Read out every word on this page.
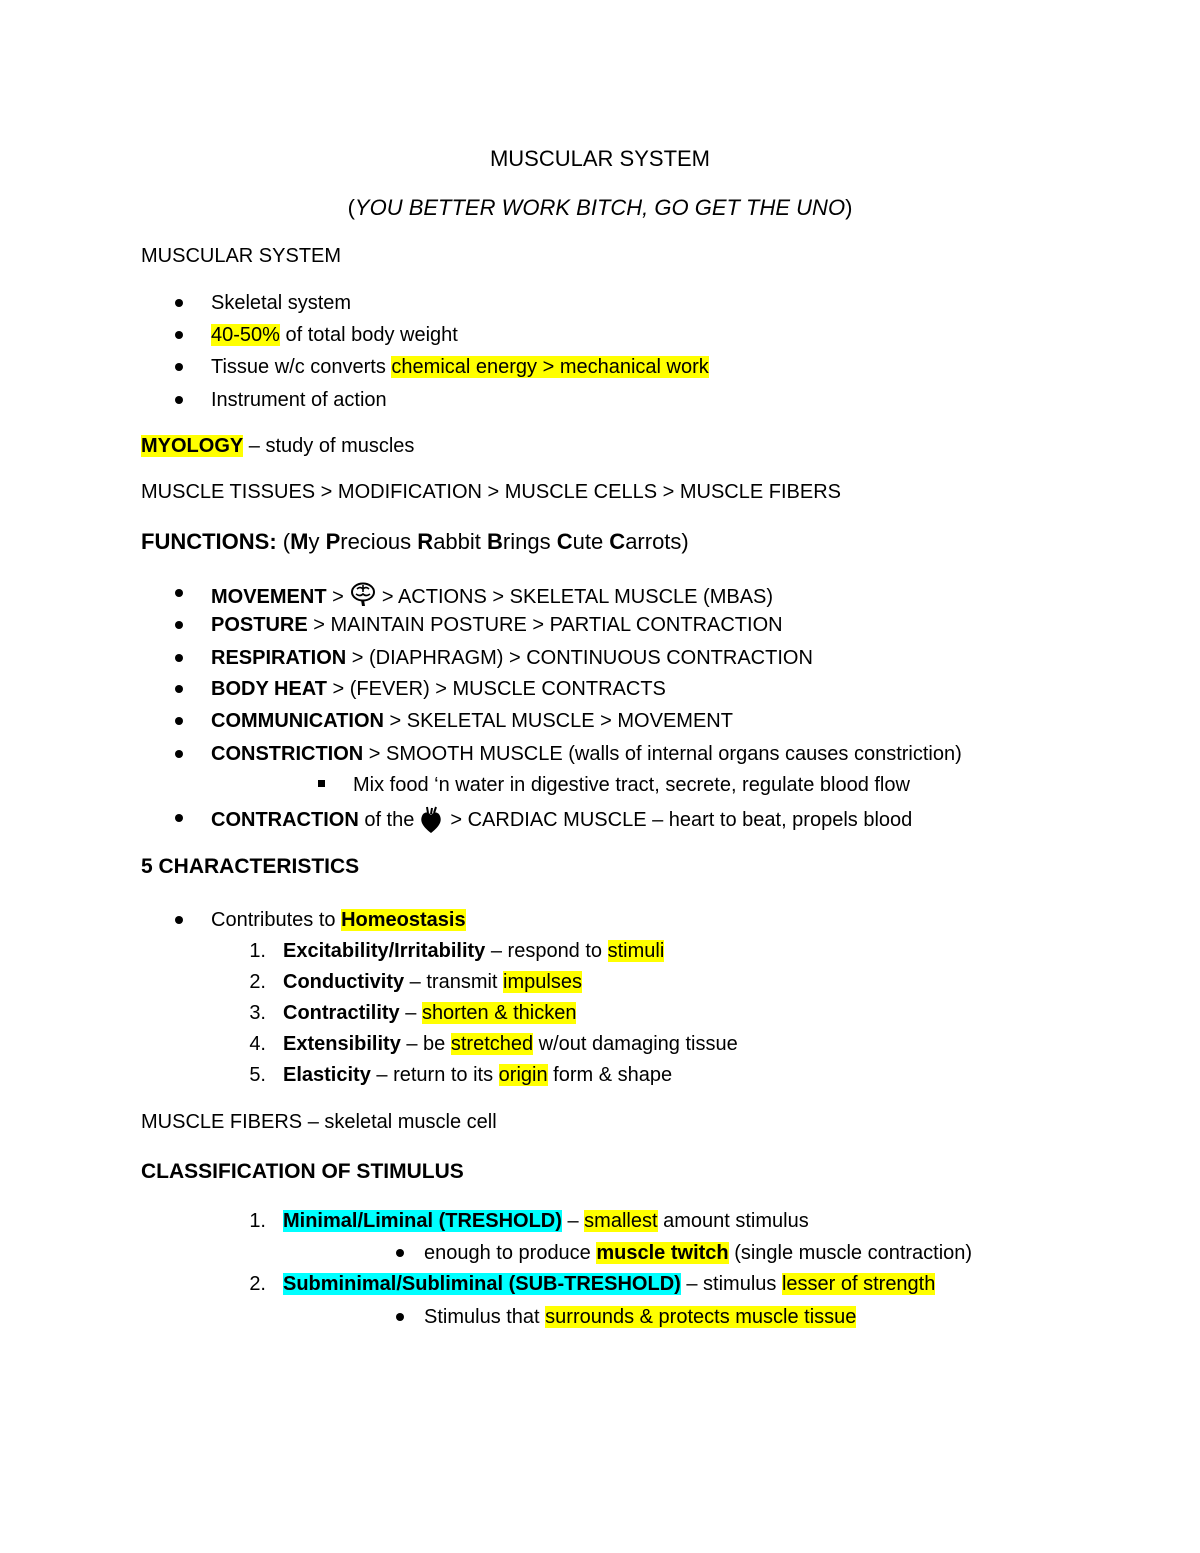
MUSCULAR SYSTEM
(YOU BETTER WORK BITCH, GO GET THE UNO)
MUSCULAR SYSTEM
Skeletal system
40-50% of total body weight
Tissue w/c converts chemical energy > mechanical work
Instrument of action
MYOLOGY – study of muscles
MUSCLE TISSUES > MODIFICATION > MUSCLE CELLS > MUSCLE FIBERS
FUNCTIONS: (My Precious Rabbit Brings Cute Carrots)
MOVEMENT > > ACTIONS > SKELETAL MUSCLE (MBAS)
POSTURE > MAINTAIN POSTURE > PARTIAL CONTRACTION
RESPIRATION > (DIAPHRAGM) > CONTINUOUS CONTRACTION
BODY HEAT > (FEVER) > MUSCLE CONTRACTS
COMMUNICATION > SKELETAL MUSCLE > MOVEMENT
CONSTRICTION > SMOOTH MUSCLE (walls of internal organs causes constriction)
Mix food ‘n water in digestive tract, secrete, regulate blood flow
CONTRACTION of the > CARDIAC MUSCLE – heart to beat, propels blood
5 CHARACTERISTICS
Contributes to Homeostasis
1. Excitability/Irritability – respond to stimuli
2. Conductivity – transmit impulses
3. Contractility – shorten & thicken
4. Extensibility – be stretched w/out damaging tissue
5. Elasticity – return to its origin form & shape
MUSCLE FIBERS – skeletal muscle cell
CLASSIFICATION OF STIMULUS
1. Minimal/Liminal (TRESHOLD) – smallest amount stimulus
enough to produce muscle twitch (single muscle contraction)
2. Subminimal/Subliminal (SUB-TRESHOLD) – stimulus lesser of strength
Stimulus that surrounds & protects muscle tissue
